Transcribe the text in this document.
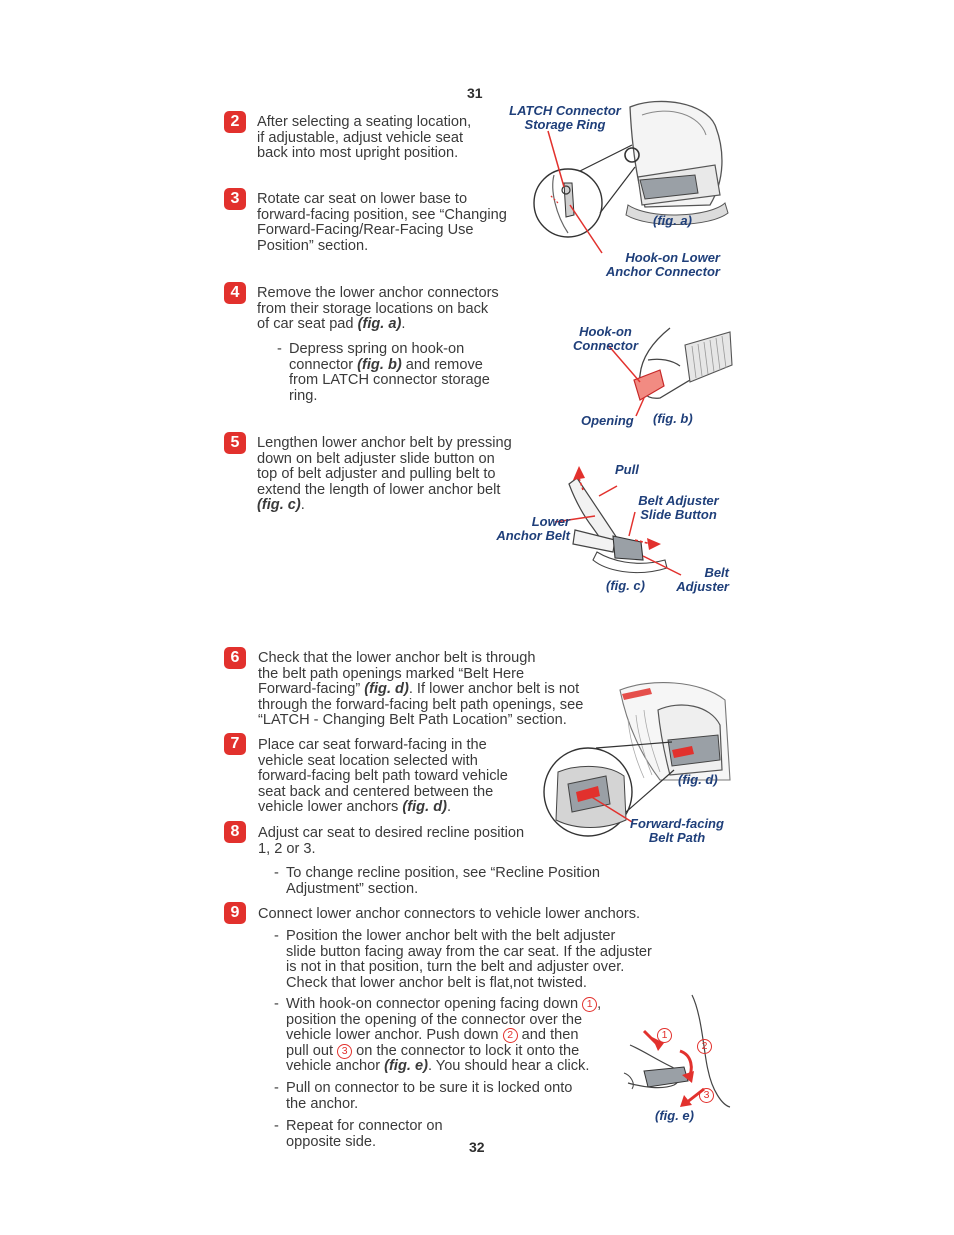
31
32
2	After selecting a seating location,
if adjustable, adjust vehicle seat
back into most upright position.
3	Rotate car seat on lower base to
forward-facing position, see “Changing
Forward-Facing/Rear-Facing Use
Position” section.
4	Remove the lower anchor connectors
from their storage locations on back
of car seat pad (fig. a).
- Depress spring on hook-on
connector (fig. b) and remove
from LATCH connector storage
ring.
5	Lengthen lower anchor belt by pressing
down on belt adjuster slide button on
top of belt adjuster and pulling belt to
extend the length of lower anchor belt
(fig. c).
6	Check that the lower anchor belt is through
the belt path openings marked “Belt Here
Forward-facing” (fig. d). If lower anchor belt is not
through the forward-facing belt path openings, see
“LATCH - Changing Belt Path Location” section.
7	Place car seat forward-facing in the
vehicle seat location selected with
forward-facing belt path toward vehicle
seat back and centered between the
vehicle lower anchors (fig. d).
8	Adjust car seat to desired recline position
1, 2 or 3.
- To change recline position, see “Recline Position
Adjustment” section.
9	Connect lower anchor connectors to vehicle lower anchors.
- Position the lower anchor belt with the belt adjuster
slide button facing away from the car seat. If the adjuster
is not in that position, turn the belt and adjuster over.
Check that lower anchor belt is flat,not twisted.
- With hook-on connector opening facing down 1 ,
position the opening of the connector over the
vehicle lower anchor. Push down 2 and then
pull out 3 on the connector to lock it onto the
vehicle anchor (fig. e). You should hear a click.
- Pull on connector to be sure it is locked onto
the anchor.
- Repeat for connector on
opposite side.
LATCH Connector
Storage Ring
(fig. a)
Hook-on Lower
Anchor Connector
Hook-on
Connector
Opening (fig. b)
Pull
Belt Adjuster
Slide Button
Lower
Anchor Belt
Belt
Adjuster
(fig. c)
(fig. d)
Forward-facing
Belt Path
1
2
3
(fig. e)
